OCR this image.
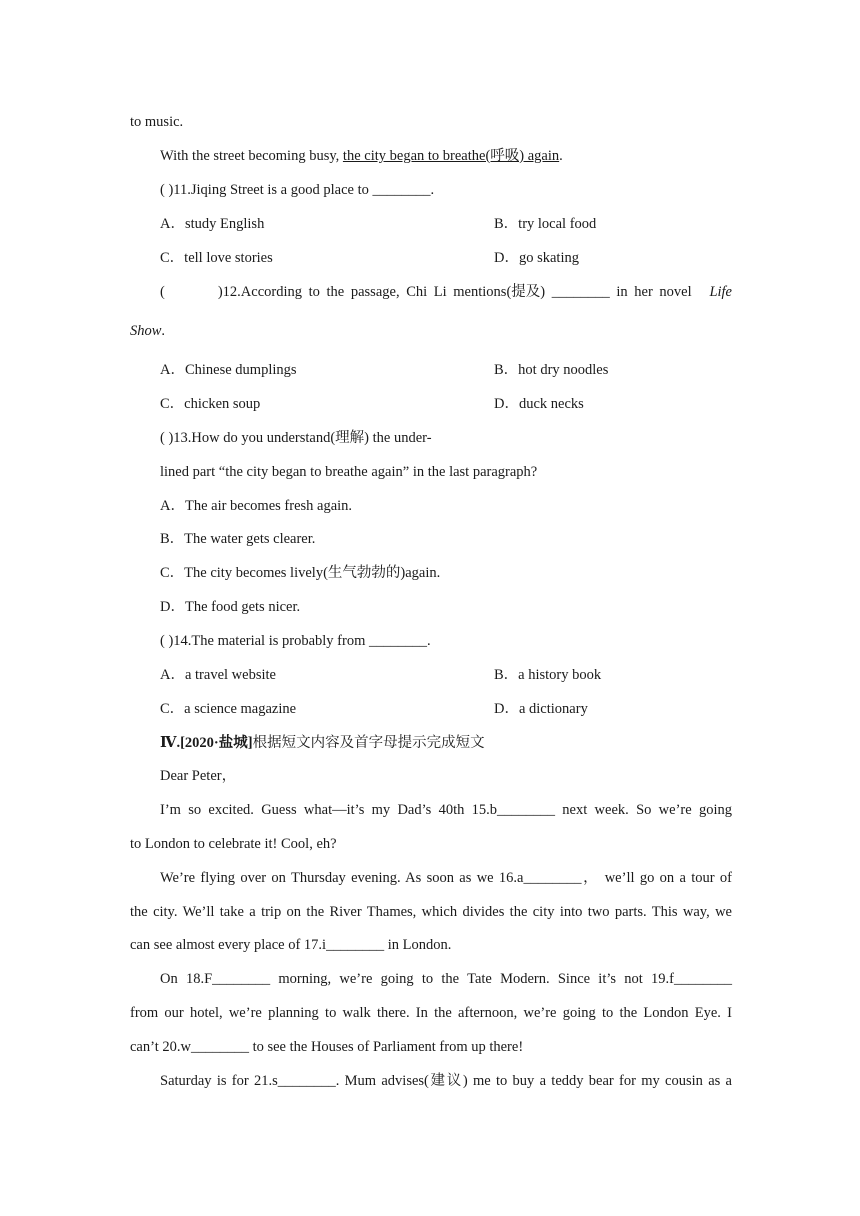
to music.
With the street becoming busy, the city began to breathe(呼吸) again.
( )11.Jiqing Street is a good place to ________.
A．study English	B．try local food
C．tell love stories	D．go skating
(        )12.According to the passage, Chi Li mentions(提及) ________ in her novel Life
Show.
A．Chinese dumplings	B．hot dry noodles
C．chicken soup	D．duck necks
( )13.How do you understand(理解) the under-
lined part “the city began to breathe again” in the last paragraph?
A．The air becomes fresh again.
B．The water gets clearer.
C．The city becomes lively(生气勃勃的)again.
D．The food gets nicer.
( )14.The material is probably from ________.
A．a travel website	B．a history book
C．a science magazine	D．a dictionary
Ⅳ.[2020·盐城]根据短文内容及首字母提示完成短文
Dear Peter，
I’m so excited. Guess what—it’s my Dad’s 40th 15.b________ next week. So we’re going
to London to celebrate it! Cool, eh?
We’re flying over on Thursday evening. As soon as we 16.a________， we’ll go on a tour of
the city. We’ll take a trip on the River Thames, which divides the city into two parts. This way, we
can see almost every place of 17.i________ in London.
On 18.F________ morning, we’re going to the Tate Modern. Since it’s not 19.f________
from our hotel, we’re planning to walk there. In the afternoon, we’re going to the London Eye. I
can’t 20.w________ to see the Houses of Parliament from up there!
Saturday is for 21.s________. Mum advises(建议) me to buy a teddy bear for my cousin as a
